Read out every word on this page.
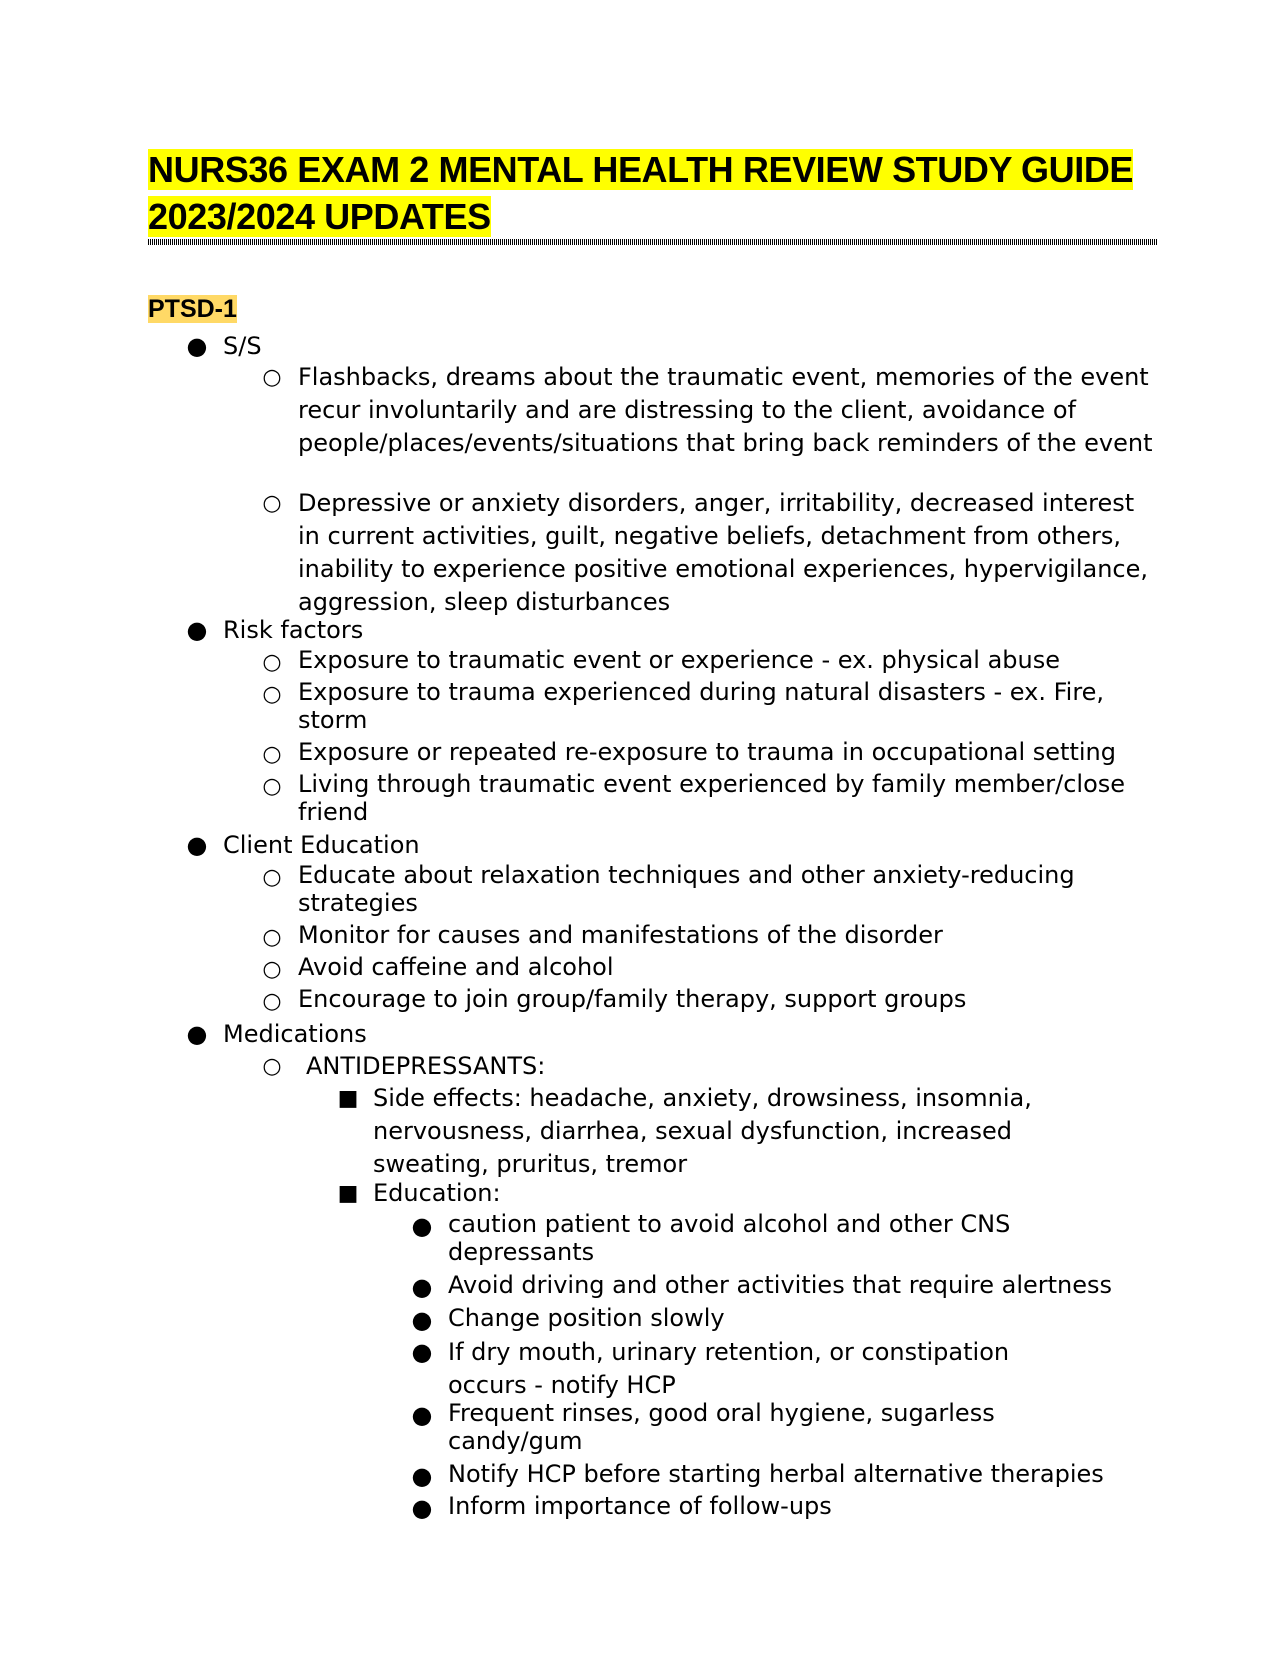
NURS36 EXAM 2 MENTAL HEALTH REVIEW STUDY GUIDE 2023/2024 UPDATES
PTSD-1
● S/S
○ Flashbacks, dreams about the traumatic event, memories of the event recur involuntarily and are distressing to the client, avoidance of people/places/events/situations that bring back reminders of the event
○ Depressive or anxiety disorders, anger, irritability, decreased interest in current activities, guilt, negative beliefs, detachment from others, inability to experience positive emotional experiences, hypervigilance, aggression, sleep disturbances
● Risk factors
○ Exposure to traumatic event or experience - ex. physical abuse
○ Exposure to trauma experienced during natural disasters - ex. Fire, storm
○ Exposure or repeated re-exposure to trauma in occupational setting
○ Living through traumatic event experienced by family member/close friend
● Client Education
○ Educate about relaxation techniques and other anxiety-reducing strategies
○ Monitor for causes and manifestations of the disorder
○ Avoid caffeine and alcohol
○ Encourage to join group/family therapy, support groups
● Medications
○ ANTIDEPRESSANTS:
■ Side effects: headache, anxiety, drowsiness, insomnia, nervousness, diarrhea, sexual dysfunction, increased sweating, pruritus, tremor
■ Education:
● caution patient to avoid alcohol and other CNS depressants
● Avoid driving and other activities that require alertness
● Change position slowly
● If dry mouth, urinary retention, or constipation occurs - notify HCP
● Frequent rinses, good oral hygiene, sugarless candy/gum
● Notify HCP before starting herbal alternative therapies
● Inform importance of follow-ups
